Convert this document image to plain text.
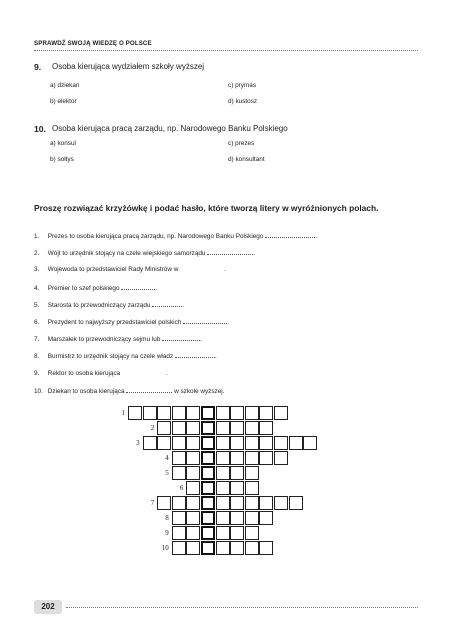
SPRAWDŹ SWOJĄ WIEDZĘ O POLSCE
9. Osoba kierująca wydziałem szkoły wyższej
a) dziekan
b) elektor
c) prymas
d) kustosz
10. Osoba kierująca pracą zarządu, np. Narodowego Banku Polskiego
a) konsul
b) sołtys
c) prezes
d) konsultant
Proszę rozwiązać krzyżówkę i podać hasło, które tworzą litery w wyróżnionych polach.
1. Prezes to osoba kierująca pracą zarządu, np. Narodowego Banku Polskiego	.
2. Wójt to urzędnik stojący na czele wiejskiego samorządu	.
3. Wojewoda to przedstawiciel Rady Ministrów w	.
4. Premier to szef polskiego	.
5. Starosta to przewodniczący zarządu	.
6. Prezydent to najwyższy przedstawiciel polskich	.
7. Marszałek to przewodniczący sejmu lub	.
8. Burmistrz to urzędnik stojący na czele władz	.
9. Rektor to osoba kierująca	.
10. Dziekan to osoba kierująca	w szkole wyższej.
1
2
3
4
5
6
7
8
9
10
202
